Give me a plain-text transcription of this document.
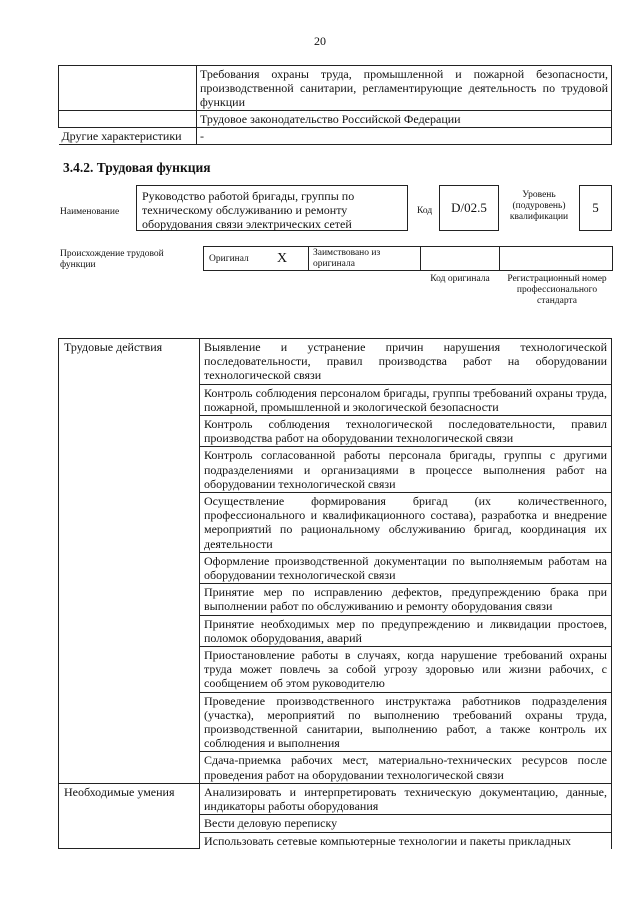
20
	Требования охраны труда, промышленной и пожарной безопасности, производственной санитарии, регламентирующие деятельность по трудовой функции
	Трудовое законодательство Российской Федерации
Другие характеристики	-
3.4.2. Трудовая функция
Наименование
Руководство работой бригады, группы по техническому обслуживанию и ремонту оборудования связи электрических сетей
Код D/02.5
Уровень (подуровень) квалификации
5
Происхождение трудовой функции
Оригинал X	Заимствовано из оригинала
Код оригинала	Регистрационный номер профессионального стандарта
Трудовые действия	Выявление и устранение причин нарушения технологической последовательности, правил производства работ на оборудовании технологической связи
	Контроль соблюдения персоналом бригады, группы требований охраны труда, пожарной, промышленной и экологической безопасности
	Контроль соблюдения технологической последовательности, правил производства работ на оборудовании технологической связи
	Контроль согласованной работы персонала бригады, группы с другими подразделениями и организациями в процессе выполнения работ на оборудовании технологической связи
	Осуществление формирования бригад (их количественного, профессионального и квалификационного состава), разработка и внедрение мероприятий по рациональному обслуживанию бригад, координация их деятельности
	Оформление производственной документации по выполняемым работам на оборудовании технологической связи
	Принятие мер по исправлению дефектов, предупреждению брака при выполнении работ по обслуживанию и ремонту оборудования связи
	Принятие необходимых мер по предупреждению и ликвидации простоев, поломок оборудования, аварий
	Приостановление работы в случаях, когда нарушение требований охраны труда может повлечь за собой угрозу здоровью или жизни рабочих, с сообщением об этом руководителю
	Проведение производственного инструктажа работников подразделения (участка), мероприятий по выполнению требований охраны труда, производственной санитарии, выполнению работ, а также контроль их соблюдения и выполнения
	Сдача-приемка рабочих мест, материально-технических ресурсов после проведения работ на оборудовании технологической связи
Необходимые умения	Анализировать и интерпретировать техническую документацию, данные, индикаторы работы оборудования
	Вести деловую переписку
	Использовать сетевые компьютерные технологии и пакеты прикладных
